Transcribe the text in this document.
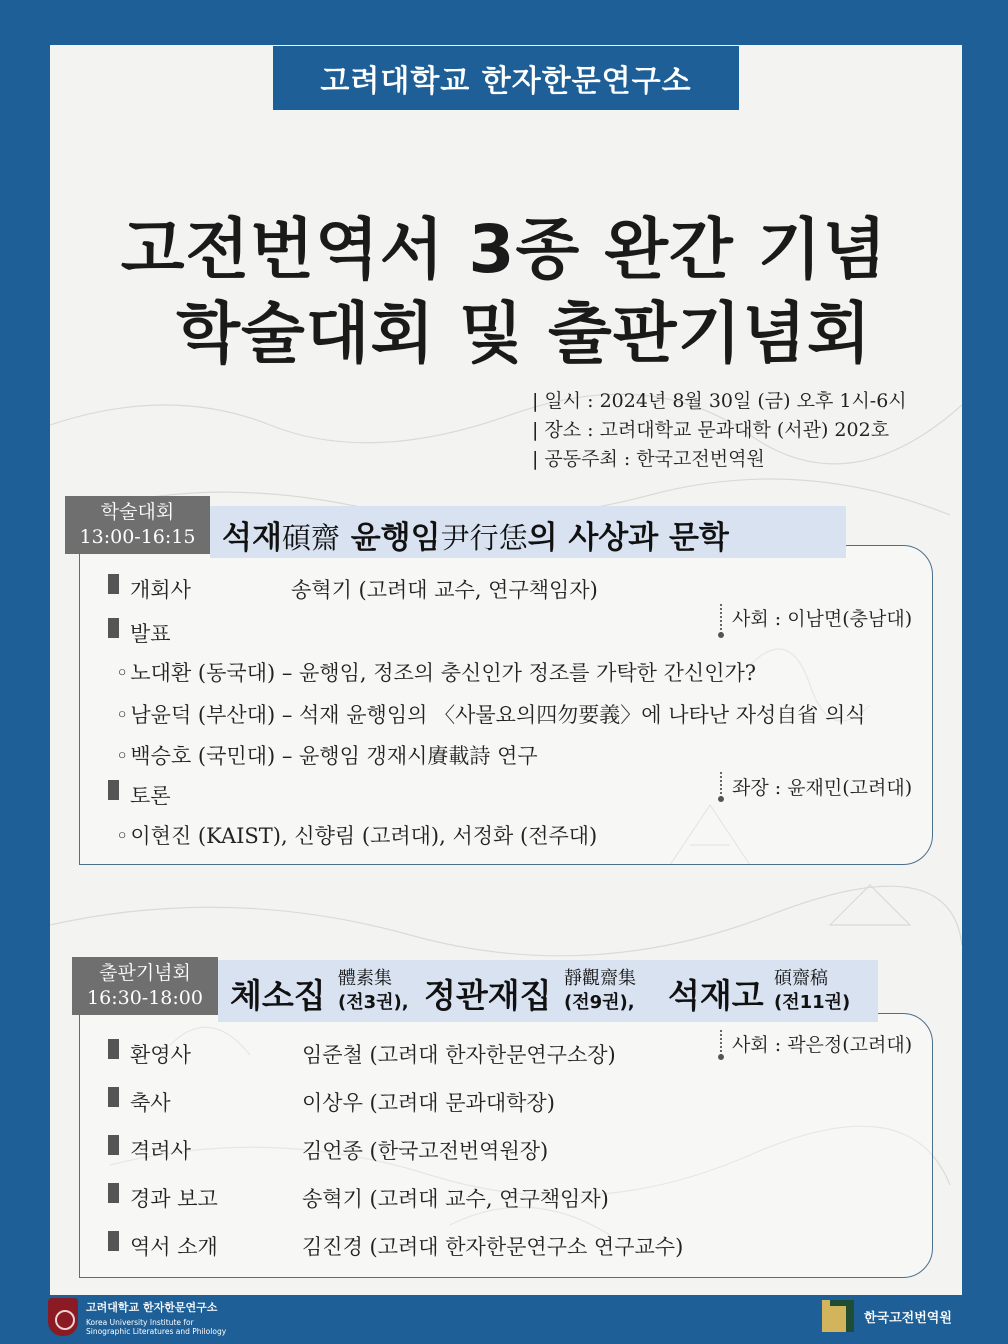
고려대학교 한자한문연구소
고전번역서 3종 완간 기념
학술대회 및 출판기념회
| 일시 : 2024년 8월 30일 (금) 오후 1시-6시
| 장소 : 고려대학교 문과대학 (서관) 202호
| 공동주최 : 한국고전번역원
학술대회
13:00-16:15 석재碩齋 윤행임尹行恁의 사상과 문학
개회사	송혁기 (고려대 교수, 연구책임자)
사회 : 이남면(충남대)
발표
◦ 노대환 (동국대) – 윤행임, 정조의 충신인가 정조를 가탁한 간신인가?
◦ 남윤덕 (부산대) – 석재 윤행임의 〈사물요의四勿要義〉에 나타난 자성自省 의식
◦ 백승호 (국민대) – 윤행임 갱재시賡載詩 연구
좌장 : 윤재민(고려대)
토론
◦ 이현진 (KAIST), 신향림 (고려대), 서정화 (전주대)
출판기념회
16:30-18:00 체소집 體素集
(전3권), 정관재집 靜觀齋集
(전9권), 석재고 碩齋稿
(전11권)
사회 : 곽은정(고려대)
환영사	임준철 (고려대 한자한문연구소장)
축사	이상우 (고려대 문과대학장)
격려사	김언종 (한국고전번역원장)
경과 보고	송혁기 (고려대 교수, 연구책임자)
역서 소개	김진경 (고려대 한자한문연구소 연구교수)
고려대학교 한자한문연구소
Korea University Institute for
Sinographic Literatures and Philology
한국고전번역원
